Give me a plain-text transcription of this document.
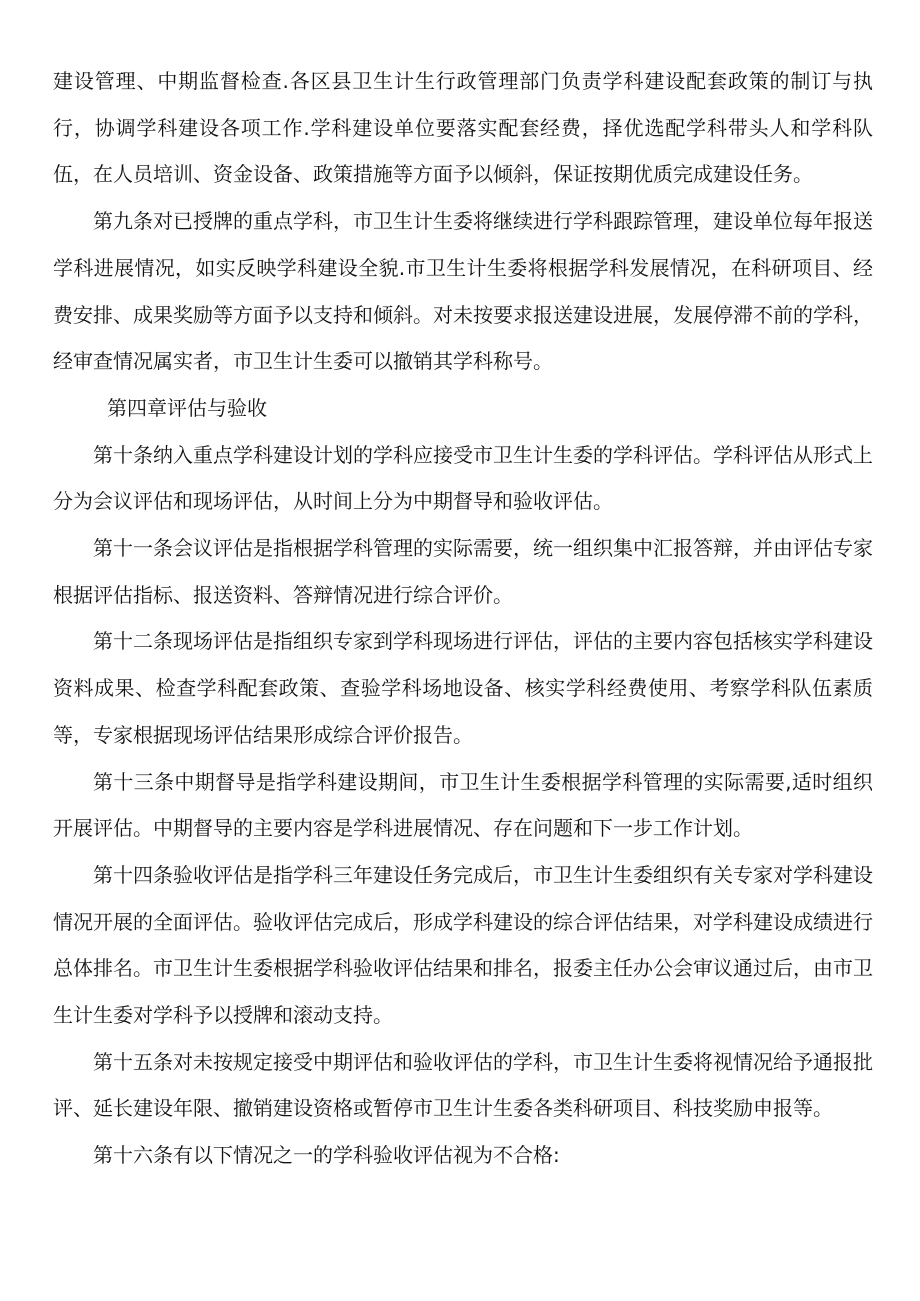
建设管理、中期监督检查.各区县卫生计生行政管理部门负责学科建设配套政策的制订与执行，协调学科建设各项工作.学科建设单位要落实配套经费，择优选配学科带头人和学科队伍，在人员培训、资金设备、政策措施等方面予以倾斜，保证按期优质完成建设任务。

第九条对已授牌的重点学科，市卫生计生委将继续进行学科跟踪管理，建设单位每年报送学科进展情况，如实反映学科建设全貌.市卫生计生委将根据学科发展情况，在科研项目、经费安排、成果奖励等方面予以支持和倾斜。对未按要求报送建设进展，发展停滞不前的学科，经审查情况属实者，市卫生计生委可以撤销其学科称号。

第四章评估与验收

第十条纳入重点学科建设计划的学科应接受市卫生计生委的学科评估。学科评估从形式上分为会议评估和现场评估，从时间上分为中期督导和验收评估。

第十一条会议评估是指根据学科管理的实际需要，统一组织集中汇报答辩，并由评估专家根据评估指标、报送资料、答辩情况进行综合评价。

第十二条现场评估是指组织专家到学科现场进行评估，评估的主要内容包括核实学科建设资料成果、检查学科配套政策、查验学科场地设备、核实学科经费使用、考察学科队伍素质等，专家根据现场评估结果形成综合评价报告。

第十三条中期督导是指学科建设期间，市卫生计生委根据学科管理的实际需要,适时组织开展评估。中期督导的主要内容是学科进展情况、存在问题和下一步工作计划。

第十四条验收评估是指学科三年建设任务完成后，市卫生计生委组织有关专家对学科建设情况开展的全面评估。验收评估完成后，形成学科建设的综合评估结果，对学科建设成绩进行总体排名。市卫生计生委根据学科验收评估结果和排名，报委主任办公会审议通过后，由市卫生计生委对学科予以授牌和滚动支持。

第十五条对未按规定接受中期评估和验收评估的学科，市卫生计生委将视情况给予通报批评、延长建设年限、撤销建设资格或暂停市卫生计生委各类科研项目、科技奖励申报等。

第十六条有以下情况之一的学科验收评估视为不合格:
